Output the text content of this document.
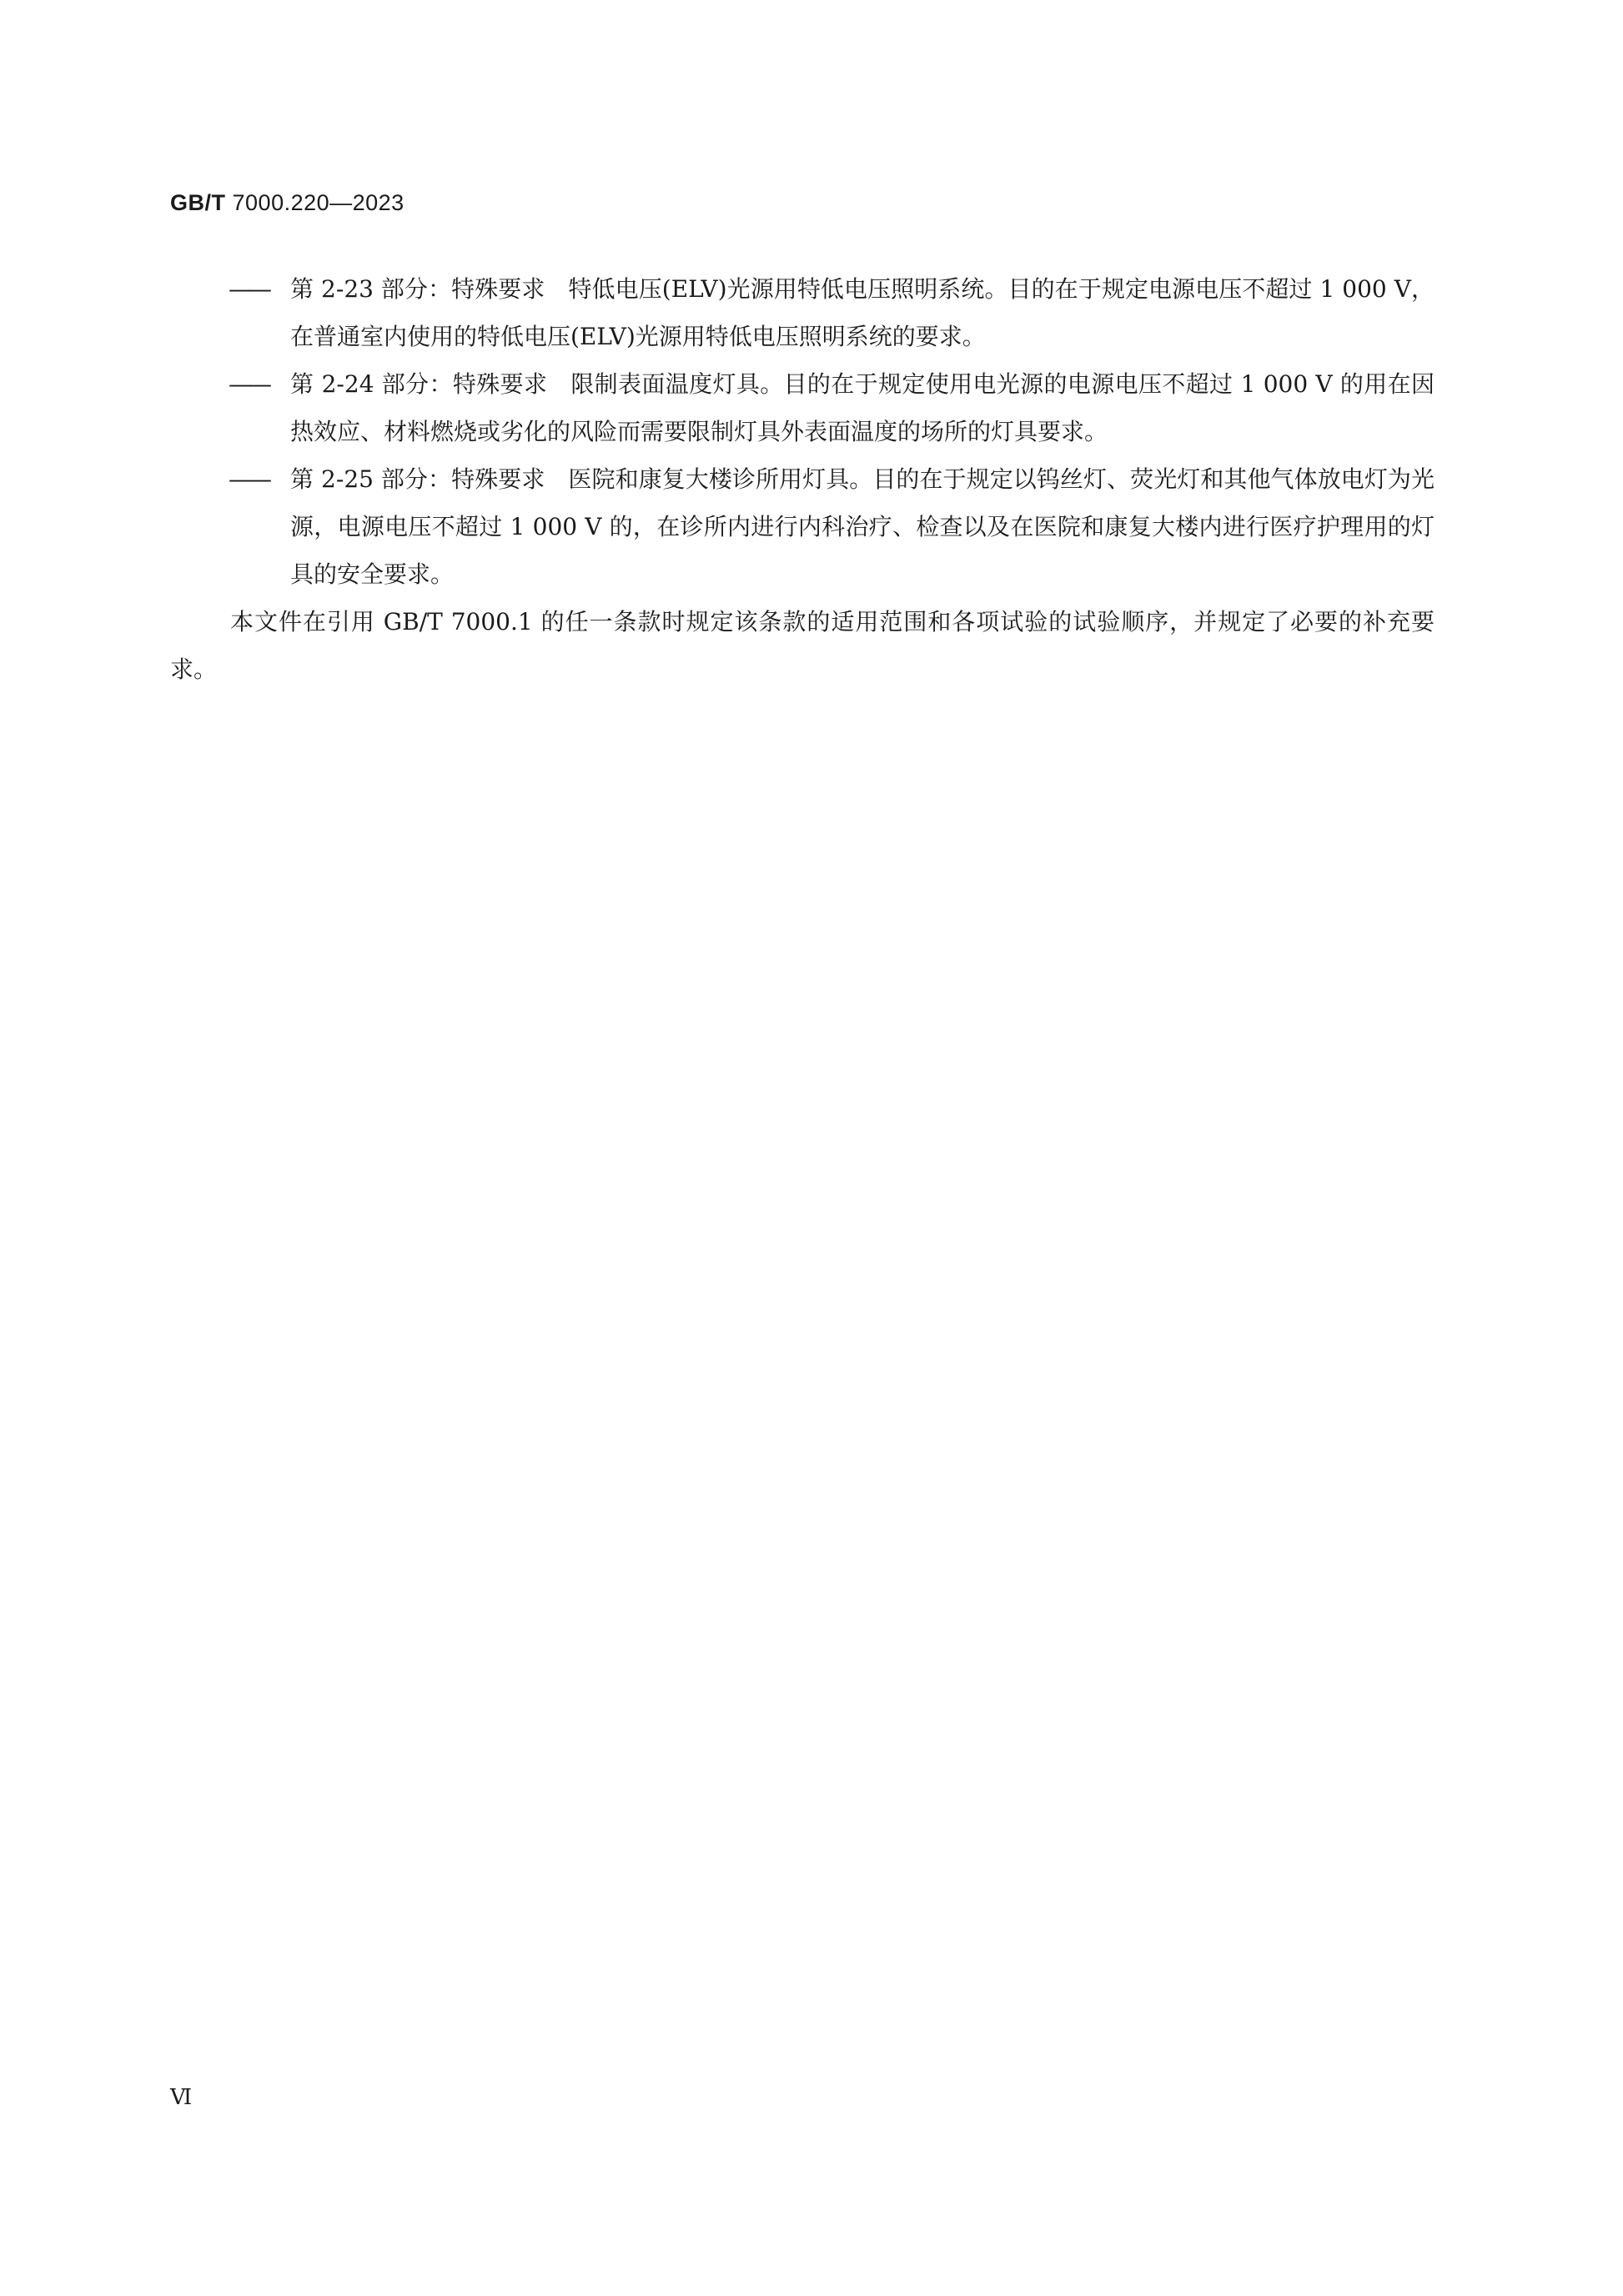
GB/T 7000.220—2023
—— 第 2-23 部分：特殊要求 特低电压(ELV)光源用特低电压照明系统。目的在于规定电源电压不超过 1 000 V，在普通室内使用的特低电压(ELV)光源用特低电压照明系统的要求。
—— 第 2-24 部分：特殊要求 限制表面温度灯具。目的在于规定使用电光源的电源电压不超过 1 000 V 的用在因热效应、材料燃烧或劣化的风险而需要限制灯具外表面温度的场所的灯具要求。
—— 第 2-25 部分：特殊要求 医院和康复大楼诊所用灯具。目的在于规定以钨丝灯、荧光灯和其他气体放电灯为光源，电源电压不超过 1 000 V 的，在诊所内进行内科治疗、检查以及在医院和康复大楼内进行医疗护理用的灯具的安全要求。
本文件在引用 GB/T 7000.1 的任一条款时规定该条款的适用范围和各项试验的试验顺序，并规定了必要的补充要求。
Ⅵ
